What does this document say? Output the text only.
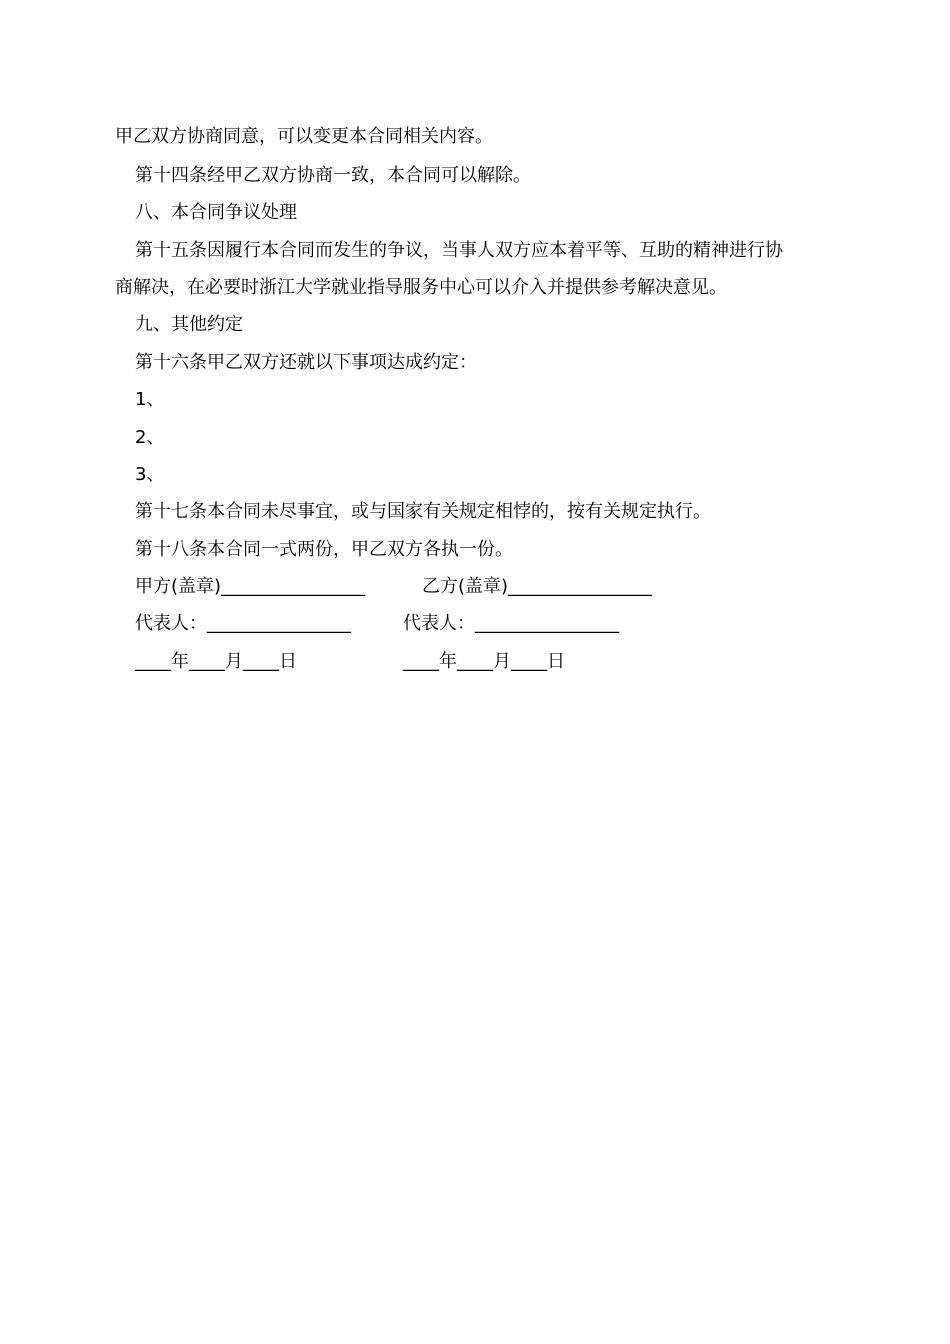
甲乙双方协商同意，可以变更本合同相关内容。
第十四条经甲乙双方协商一致，本合同可以解除。
八、本合同争议处理
第十五条因履行本合同而发生的争议，当事人双方应本着平等、互助的精神进行协
商解决，在必要时浙江大学就业指导服务中心可以介入并提供参考解决意见。
九、其他约定
第十六条甲乙双方还就以下事项达成约定：
1、
2、
3、
第十七条本合同未尽事宜，或与国家有关规定相悖的，按有关规定执行。
第十八条本合同一式两份，甲乙双方各执一份。
甲方(盖章)________________	乙方(盖章)________________
代表人：________________	代表人：________________
____年____月____日	____年____月____日
